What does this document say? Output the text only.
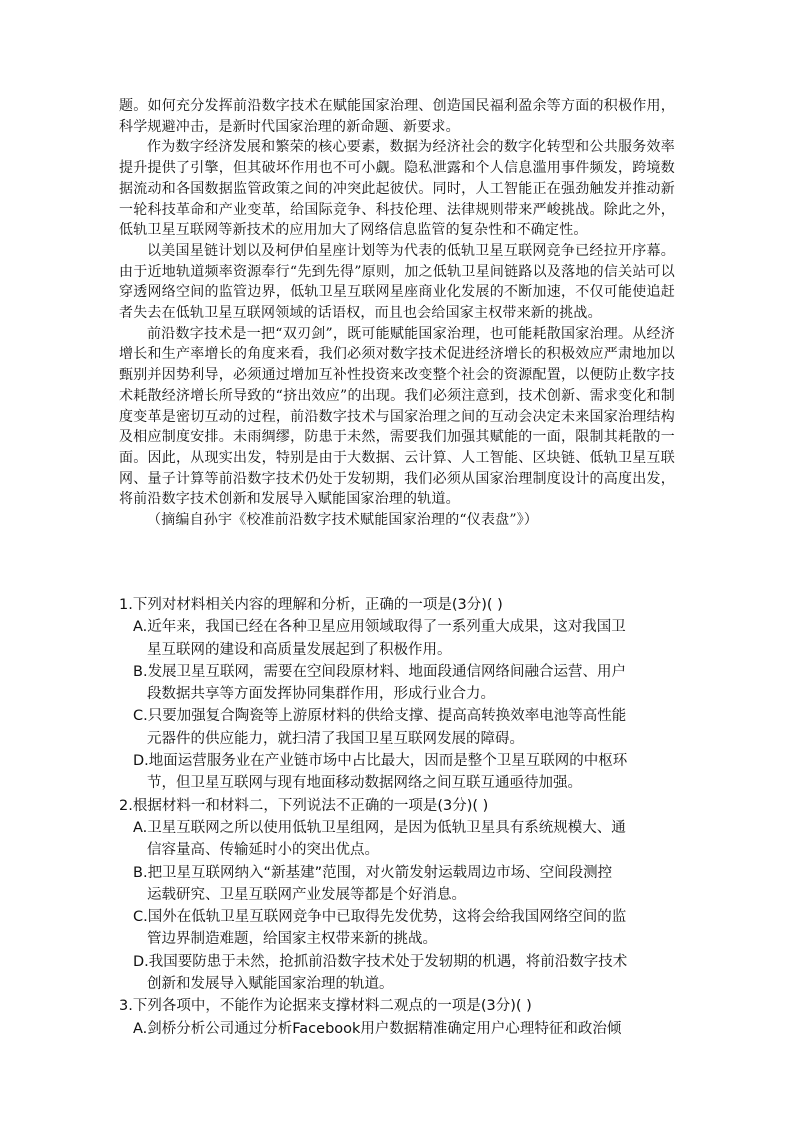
题。如何充分发挥前沿数字技术在赋能国家治理、创造国民福利盈余等方面的积极作用，科学规避冲击，是新时代国家治理的新命题、新要求。

作为数字经济发展和繁荣的核心要素，数据为经济社会的数字化转型和公共服务效率提升提供了引擎，但其破坏作用也不可小觑。隐私泄露和个人信息滥用事件频发，跨境数据流动和各国数据监管政策之间的冲突此起彼伏。同时，人工智能正在强劲触发并推动新一轮科技革命和产业变革，给国际竞争、科技伦理、法律规则带来严峻挑战。除此之外，低轨卫星互联网等新技术的应用加大了网络信息监管的复杂性和不确定性。

以美国星链计划以及柯伊伯星座计划等为代表的低轨卫星互联网竞争已经拉开序幕。由于近地轨道频率资源奉行“先到先得”原则，加之低轨卫星间链路以及落地的信关站可以穿透网络空间的监管边界，低轨卫星互联网星座商业化发展的不断加速，不仅可能使追赶者失去在低轨卫星互联网领域的话语权，而且也会给国家主权带来新的挑战。

前沿数字技术是一把“双刃剑”，既可能赋能国家治理，也可能耗散国家治理。从经济增长和生产率增长的角度来看，我们必须对数字技术促进经济增长的积极效应严肃地加以甄别并因势利导，必须通过增加互补性投资来改变整个社会的资源配置，以便防止数字技术耗散经济增长所导致的“挤出效应”的出现。我们必须注意到，技术创新、需求变化和制度变革是密切互动的过程，前沿数字技术与国家治理之间的互动会决定未来国家治理结构及相应制度安排。未雨绸缪，防患于未然，需要我们加强其赋能的一面，限制其耗散的一面。因此，从现实出发，特别是由于大数据、云计算、人工智能、区块链、低轨卫星互联网、量子计算等前沿数字技术仍处于发轫期，我们必须从国家治理制度设计的高度出发，将前沿数字技术创新和发展导入赋能国家治理的轨道。

（摘编自孙宇《校准前沿数字技术赋能国家治理的“仪表盘”》）

1.下列对材料相关内容的理解和分析，正确的一项是(3分)( )

A.近年来，我国已经在各种卫星应用领域取得了一系列重大成果，这对我国卫
星互联网的建设和高质量发展起到了积极作用。

B.发展卫星互联网，需要在空间段原材料、地面段通信网络间融合运营、用户
段数据共享等方面发挥协同集群作用，形成行业合力。

C.只要加强复合陶瓷等上游原材料的供给支撑、提高高转换效率电池等高性能
元器件的供应能力，就扫清了我国卫星互联网发展的障碍。

D.地面运营服务业在产业链市场中占比最大，因而是整个卫星互联网的中枢环
节，但卫星互联网与现有地面移动数据网络之间互联互通亟待加强。

2.根据材料一和材料二，下列说法不正确的一项是(3分)( )

A.卫星互联网之所以使用低轨卫星组网，是因为低轨卫星具有系统规模大、通
信容量高、传输延时小的突出优点。

B.把卫星互联网纳入“新基建”范围，对火箭发射运载周边市场、空间段测控
运载研究、卫星互联网产业发展等都是个好消息。

C.国外在低轨卫星互联网竞争中已取得先发优势，这将会给我国网络空间的监
管边界制造难题，给国家主权带来新的挑战。

D.我国要防患于未然，抢抓前沿数字技术处于发轫期的机遇，将前沿数字技术
创新和发展导入赋能国家治理的轨道。

3.下列各项中，不能作为论据来支撑材料二观点的一项是(3分)( )

A.剑桥分析公司通过分析Facebook用户数据精准确定用户心理特征和政治倾
